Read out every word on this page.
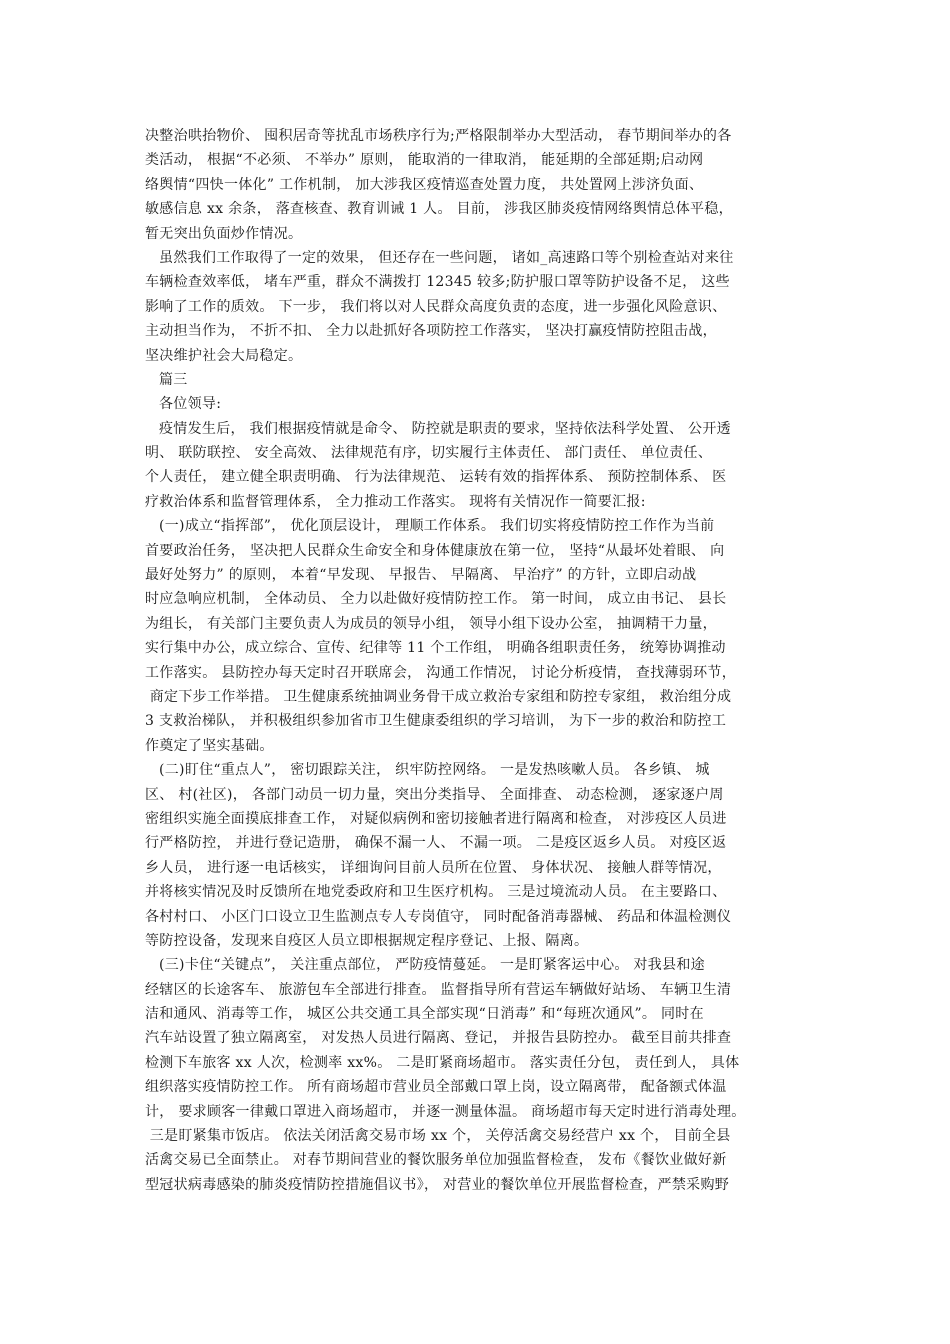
决整治哄抬物价、 囤积居奇等扰乱市场秩序行为;严格限制举办大型活动， 春节期间举办的各
类活动， 根据“不必须、 不举办” 原则， 能取消的一律取消， 能延期的全部延期;启动网
络舆情“四快一体化” 工作机制， 加大涉我区疫情巡查处置力度， 共处置网上涉济负面、
敏感信息 xx 余条， 落查核查、教育训诫 1 人。 目前， 涉我区肺炎疫情网络舆情总体平稳，
暂无突出负面炒作情况。
虽然我们工作取得了一定的效果， 但还存在一些问题， 诸如_高速路口等个别检查站对来往
车辆检查效率低， 堵车严重，群众不满拨打 12345 较多;防护服口罩等防护设备不足， 这些
影响了工作的质效。 下一步， 我们将以对人民群众高度负责的态度，进一步强化风险意识、
主动担当作为， 不折不扣、 全力以赴抓好各项防控工作落实， 坚决打赢疫情防控阻击战，
坚决维护社会大局稳定。
篇三
各位领导:
疫情发生后， 我们根据疫情就是命令、 防控就是职责的要求，坚持依法科学处置、 公开透
明、 联防联控、 安全高效、 法律规范有序，切实履行主体责任、 部门责任、 单位责任、
个人责任， 建立健全职责明确、 行为法律规范、 运转有效的指挥体系、 预防控制体系、 医
疗救治体系和监督管理体系， 全力推动工作落实。 现将有关情况作一简要汇报:
(一)成立“指挥部”， 优化顶层设计， 理顺工作体系。 我们切实将疫情防控工作作为当前
首要政治任务， 坚决把人民群众生命安全和身体健康放在第一位， 坚持“从最坏处着眼、 向
最好处努力” 的原则， 本着“早发现、 早报告、 早隔离、 早治疗” 的方针，立即启动战
时应急响应机制， 全体动员、 全力以赴做好疫情防控工作。 第一时间， 成立由书记、 县长
为组长， 有关部门主要负责人为成员的领导小组， 领导小组下设办公室， 抽调精干力量，
实行集中办公，成立综合、宣传、纪律等 11 个工作组， 明确各组职责任务， 统筹协调推动
工作落实。 县防控办每天定时召开联席会， 沟通工作情况， 讨论分析疫情， 查找薄弱环节，
商定下步工作举措。 卫生健康系统抽调业务骨干成立救治专家组和防控专家组， 救治组分成
3 支救治梯队， 并积极组织参加省市卫生健康委组织的学习培训， 为下一步的救治和防控工
作奠定了坚实基础。
(二)盯住“重点人”， 密切跟踪关注， 织牢防控网络。 一是发热咳嗽人员。 各乡镇、 城
区、 村(社区)， 各部门动员一切力量，突出分类指导、 全面排查、 动态检测， 逐家逐户周
密组织实施全面摸底排查工作， 对疑似病例和密切接触者进行隔离和检查， 对涉疫区人员进
行严格防控， 并进行登记造册， 确保不漏一人、 不漏一项。 二是疫区返乡人员。 对疫区返
乡人员， 进行逐一电话核实， 详细询问目前人员所在位置、 身体状况、 接触人群等情况，
并将核实情况及时反馈所在地党委政府和卫生医疗机构。 三是过境流动人员。 在主要路口、
各村村口、 小区门口设立卫生监测点专人专岗值守， 同时配备消毒器械、 药品和体温检测仪
等防控设备，发现来自疫区人员立即根据规定程序登记、上报、隔离。
(三)卡住“关键点”， 关注重点部位， 严防疫情蔓延。 一是盯紧客运中心。 对我县和途
经辖区的长途客车、 旅游包车全部进行排查。 监督指导所有营运车辆做好站场、 车辆卫生清
洁和通风、消毒等工作， 城区公共交通工具全部实现“日消毒” 和“每班次通风”。 同时在
汽车站设置了独立隔离室， 对发热人员进行隔离、登记， 并报告县防控办。 截至目前共排查
检测下车旅客 xx 人次，检测率 xx%。 二是盯紧商场超市。 落实责任分包， 责任到人， 具体
组织落实疫情防控工作。 所有商场超市营业员全部戴口罩上岗，设立隔离带， 配备额式体温
计， 要求顾客一律戴口罩进入商场超市， 并逐一测量体温。 商场超市每天定时进行消毒处理。
三是盯紧集市饭店。 依法关闭活禽交易市场 xx 个， 关停活禽交易经营户 xx 个， 目前全县
活禽交易已全面禁止。 对春节期间营业的餐饮服务单位加强监督检查， 发布《餐饮业做好新
型冠状病毒感染的肺炎疫情防控措施倡议书》， 对营业的餐饮单位开展监督检查，严禁采购野
